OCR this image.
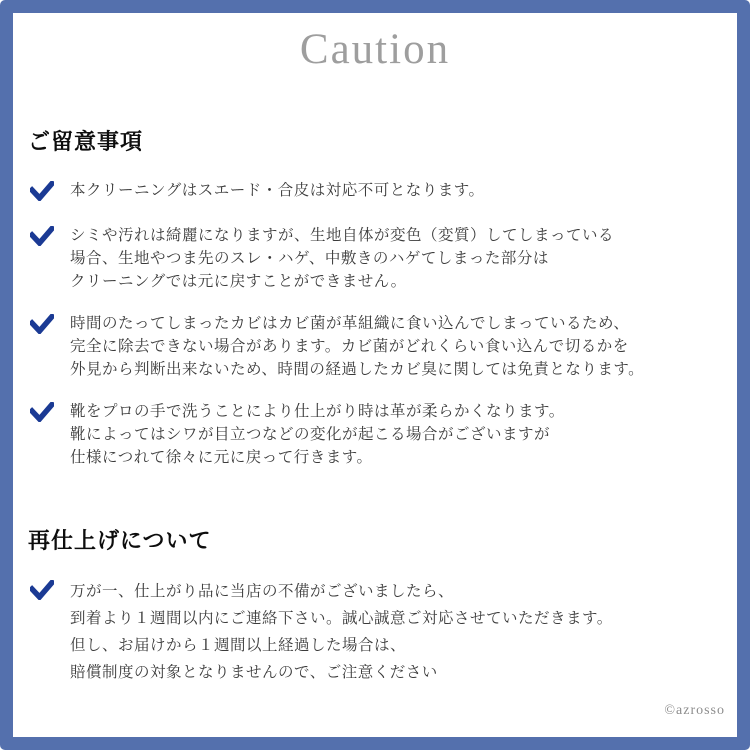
Caution
ご留意事項
本クリーニングはスエード・合皮は対応不可となります。
シミや汚れは綺麗になりますが、生地自体が変色（変質）してしまっている
場合、生地やつま先のスレ・ハゲ、中敷きのハゲてしまった部分は
クリーニングでは元に戻すことができません。
時間のたってしまったカビはカビ菌が革組織に食い込んでしまっているため、
完全に除去できない場合があります。カビ菌がどれくらい食い込んで切るかを
外見から判断出来ないため、時間の経過したカビ臭に関しては免責となります。
靴をプロの手で洗うことにより仕上がり時は革が柔らかくなります。
靴によってはシワが目立つなどの変化が起こる場合がございますが
仕様につれて徐々に元に戻って行きます。
再仕上げについて
万が一、仕上がり品に当店の不備がございましたら、
到着より１週間以内にご連絡下さい。誠心誠意ご対応させていただきます。
但し、お届けから１週間以上経過した場合は、
賠償制度の対象となりませんので、ご注意ください
©azrosso
